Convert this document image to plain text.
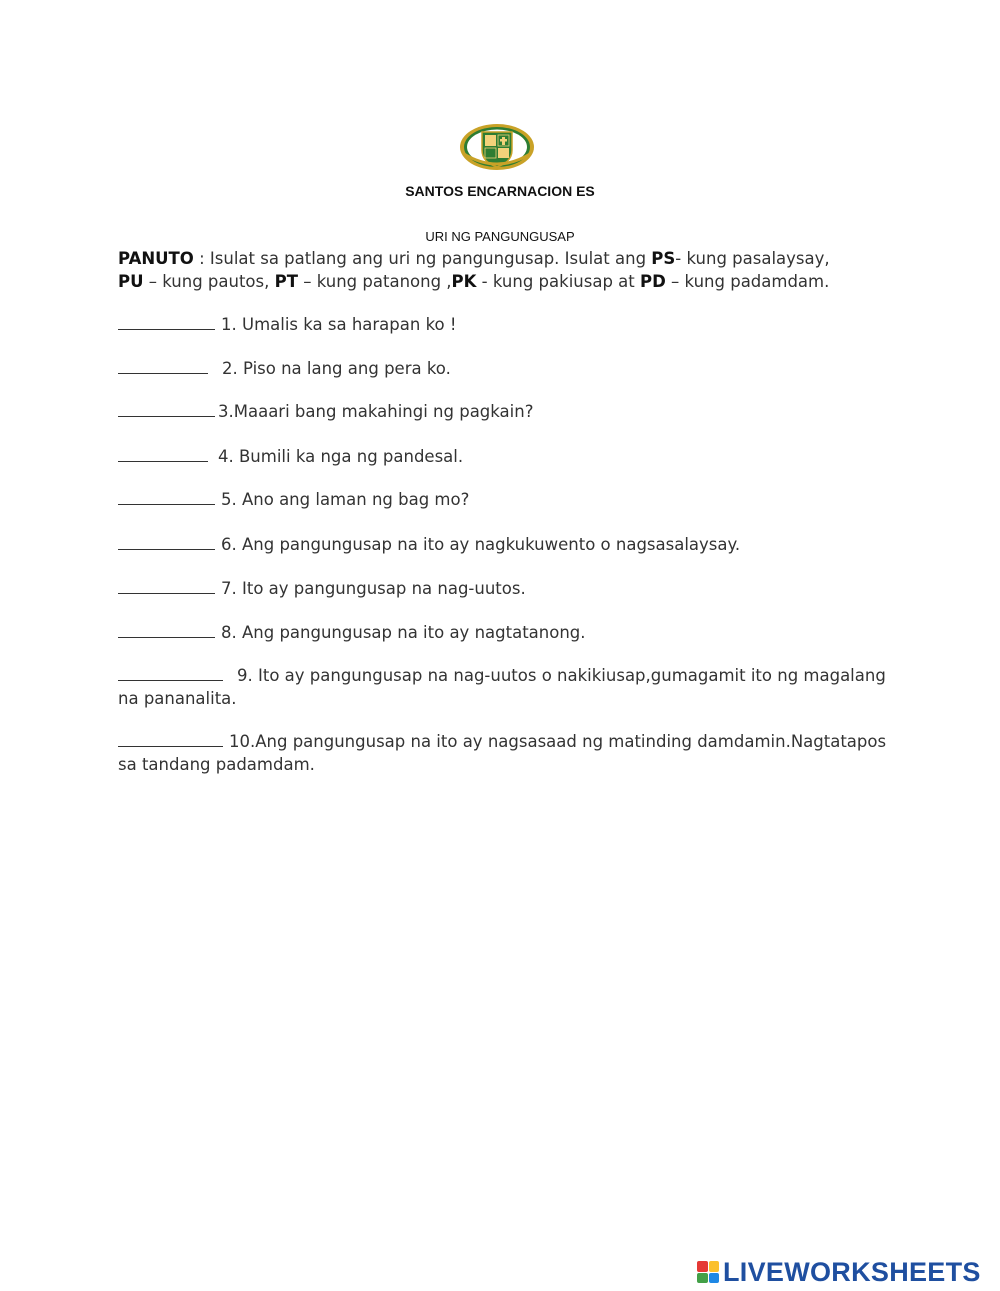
SANTOS ENCARNACION ES
URI NG PANGUNGUSAP
PANUTO : Isulat sa patlang ang uri ng pangungusap. Isulat ang PS- kung pasalaysay,
PU – kung pautos, PT – kung patanong ,PK - kung pakiusap at PD – kung padamdam.
1. Umalis ka sa harapan ko !
2. Piso na lang ang pera ko.
3.Maaari bang makahingi ng pagkain?
4. Bumili ka nga ng pandesal.
5. Ano ang laman ng bag mo?
6. Ang pangungusap na ito ay nagkukuwento o nagsasalaysay.
7. Ito ay pangungusap na nag-uutos.
8. Ang pangungusap na ito ay nagtatanong.
9. Ito ay pangungusap na nag-uutos o nakikiusap,gumagamit ito ng magalang na pananalita.
10.Ang pangungusap na ito ay nagsasaad ng matinding damdamin.Nagtatapos sa tandang padamdam.
LIVEWORKSHEETS
